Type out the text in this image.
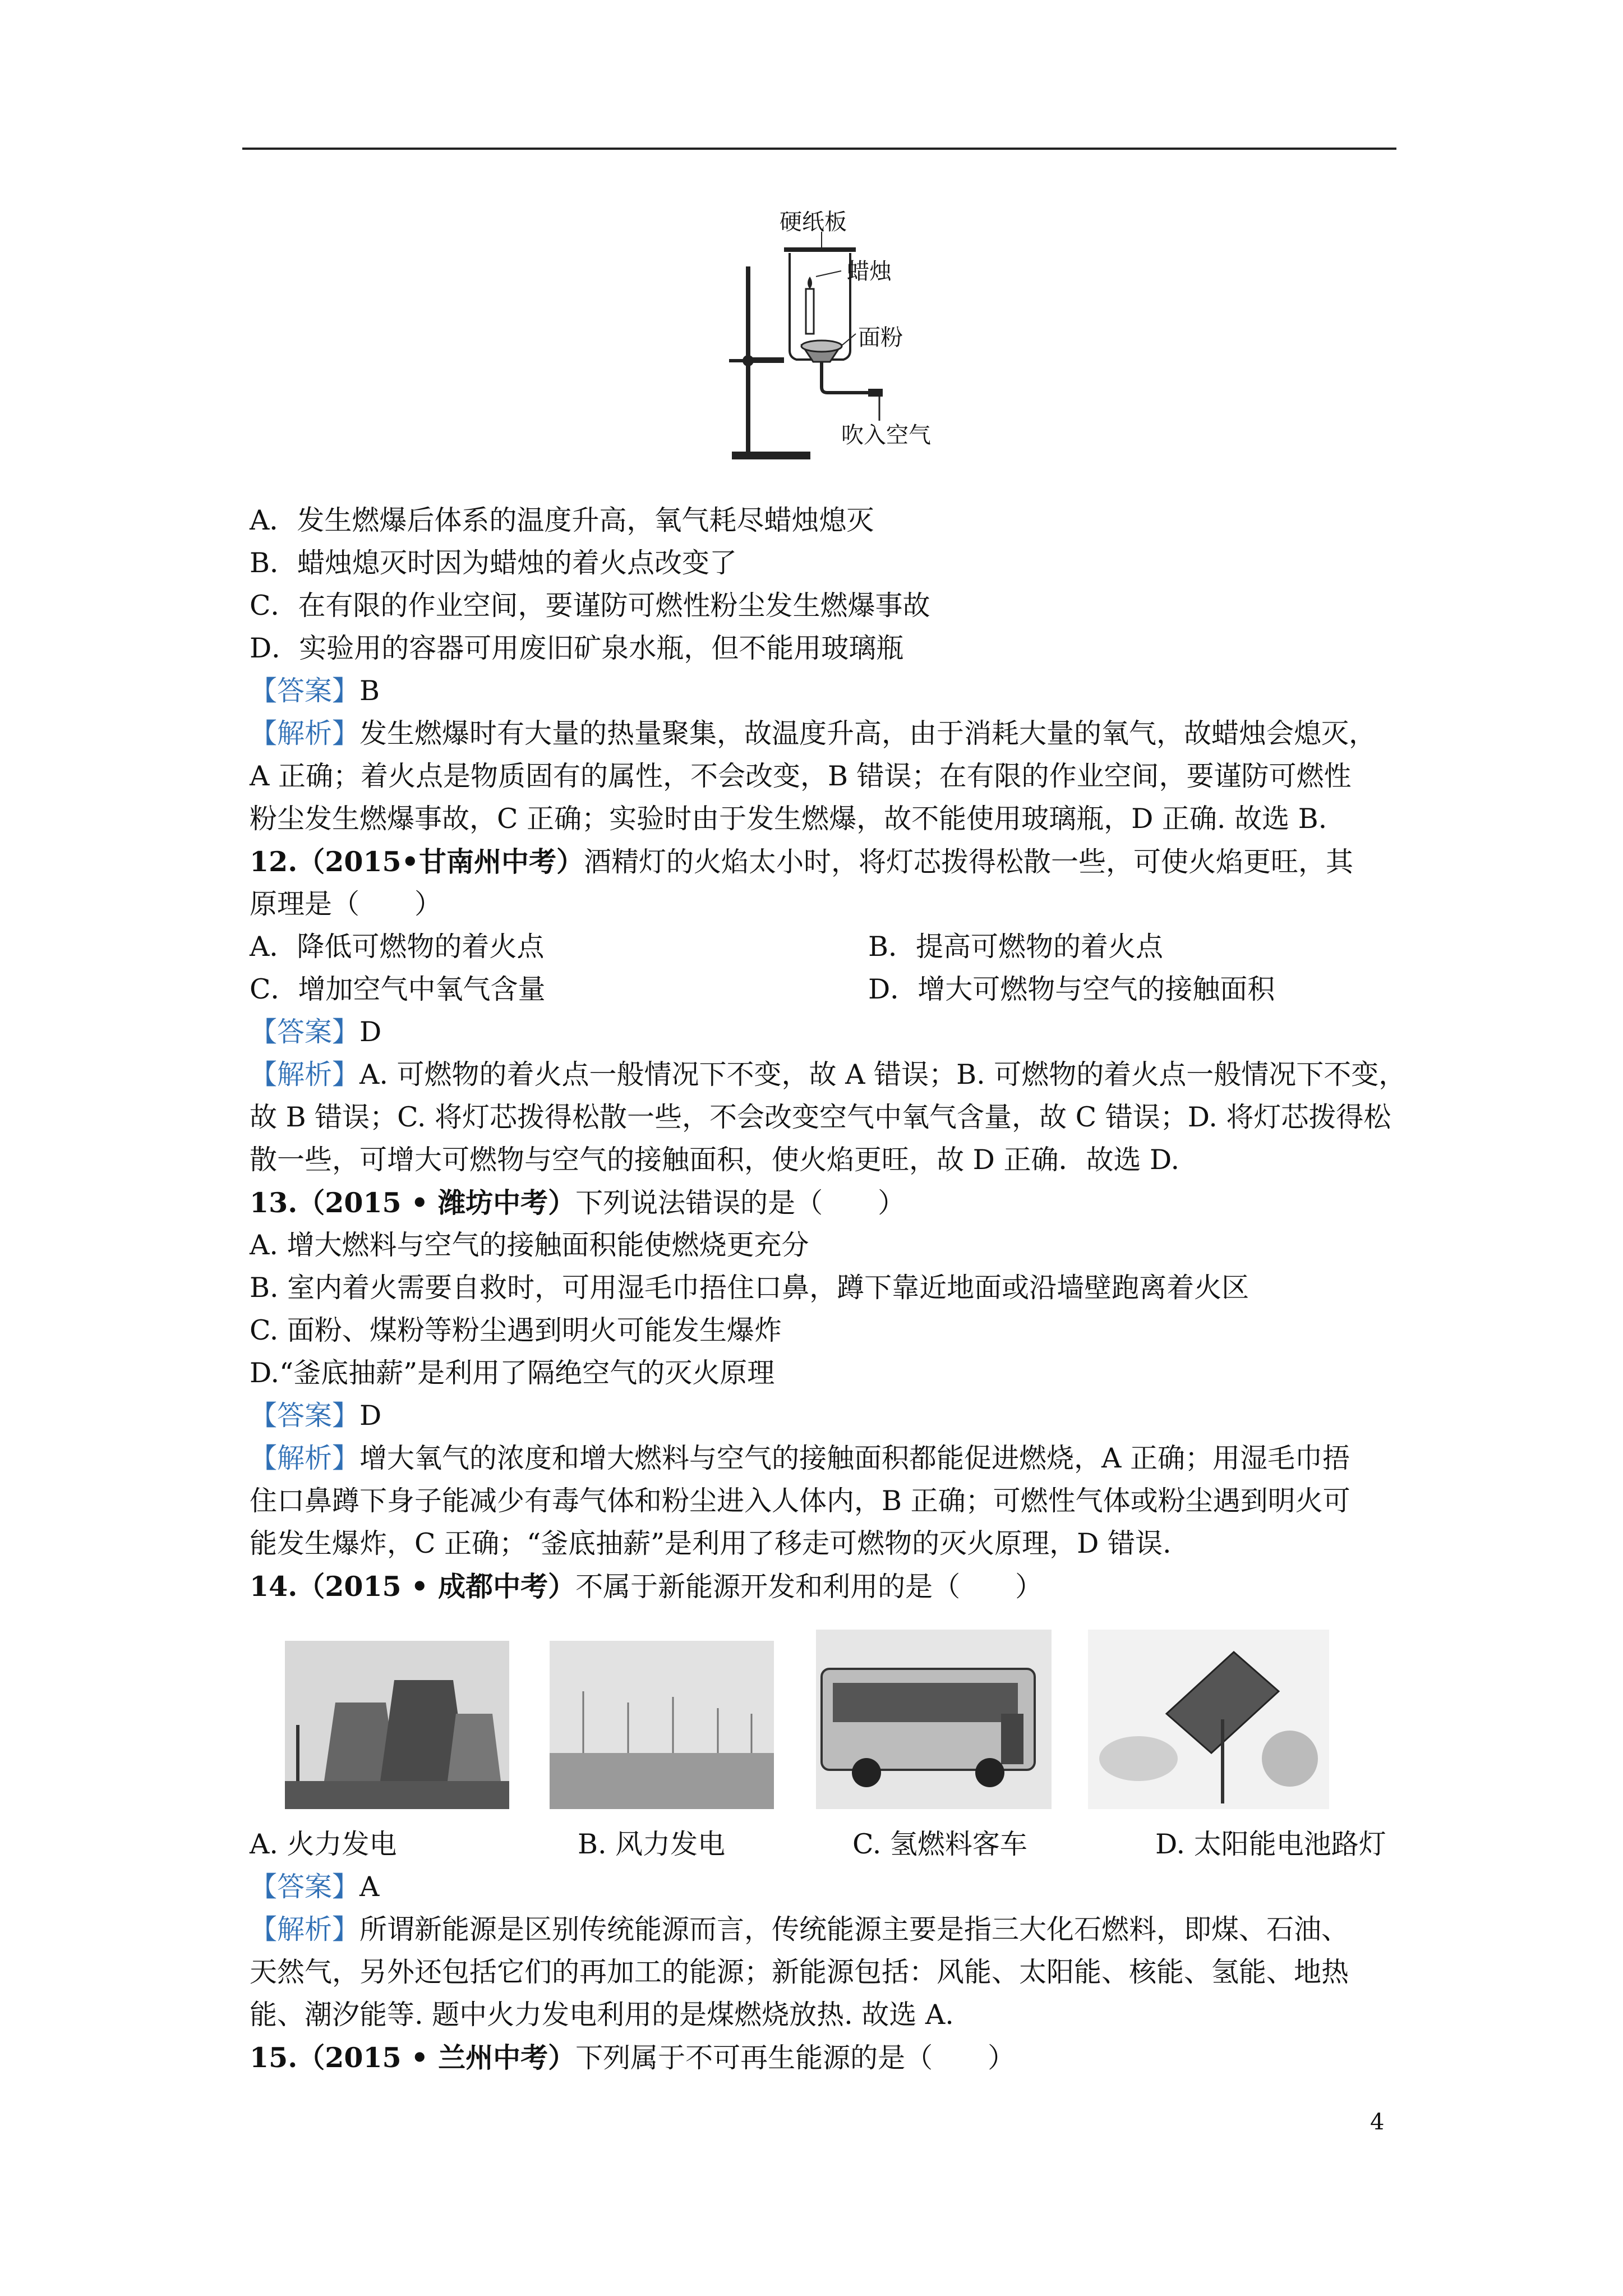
硬纸板
蜡烛
面粉
吹入空气
A．发生燃爆后体系的温度升高，氧气耗尽蜡烛熄灭
B．蜡烛熄灭时因为蜡烛的着火点改变了
C．在有限的作业空间，要谨防可燃性粉尘发生燃爆事故
D．实验用的容器可用废旧矿泉水瓶，但不能用玻璃瓶
【答案】B
【解析】发生燃爆时有大量的热量聚集，故温度升高，由于消耗大量的氧气，故蜡烛会熄灭，
A 正确；着火点是物质固有的属性，不会改变，B 错误；在有限的作业空间，要谨防可燃性
粉尘发生燃爆事故，C 正确；实验时由于发生燃爆，故不能使用玻璃瓶，D 正确. 故选 B.
12.（2015•甘南州中考）酒精灯的火焰太小时，将灯芯拨得松散一些，可使火焰更旺，其
原理是（　　）
A．降低可燃物的着火点	B．提高可燃物的着火点
C．增加空气中氧气含量	D．增大可燃物与空气的接触面积
【答案】D
【解析】A. 可燃物的着火点一般情况下不变，故 A 错误；B. 可燃物的着火点一般情况下不变，
故 B 错误；C. 将灯芯拨得松散一些，不会改变空气中氧气含量，故 C 错误；D. 将灯芯拨得松
散一些，可增大可燃物与空气的接触面积，使火焰更旺，故 D 正确．故选 D.
13.（2015 • 潍坊中考）下列说法错误的是（　　）
A. 增大燃料与空气的接触面积能使燃烧更充分
B. 室内着火需要自救时，可用湿毛巾捂住口鼻，蹲下靠近地面或沿墙壁跑离着火区
C. 面粉、煤粉等粉尘遇到明火可能发生爆炸
D.“釜底抽薪”是利用了隔绝空气的灭火原理
【答案】D
【解析】增大氧气的浓度和增大燃料与空气的接触面积都能促进燃烧，A 正确；用湿毛巾捂
住口鼻蹲下身子能减少有毒气体和粉尘进入人体内，B 正确；可燃性气体或粉尘遇到明火可
能发生爆炸，C 正确；“釜底抽薪”是利用了移走可燃物的灭火原理，D 错误.
14.（2015 • 成都中考）不属于新能源开发和利用的是（　　）
A. 火力发电	B. 风力发电	C. 氢燃料客车	D. 太阳能电池路灯
【答案】A
【解析】所谓新能源是区别传统能源而言，传统能源主要是指三大化石燃料，即煤、石油、
天然气，另外还包括它们的再加工的能源；新能源包括：风能、太阳能、核能、氢能、地热
能、潮汐能等. 题中火力发电利用的是煤燃烧放热. 故选 A.
15.（2015 • 兰州中考）下列属于不可再生能源的是（　　）
4
